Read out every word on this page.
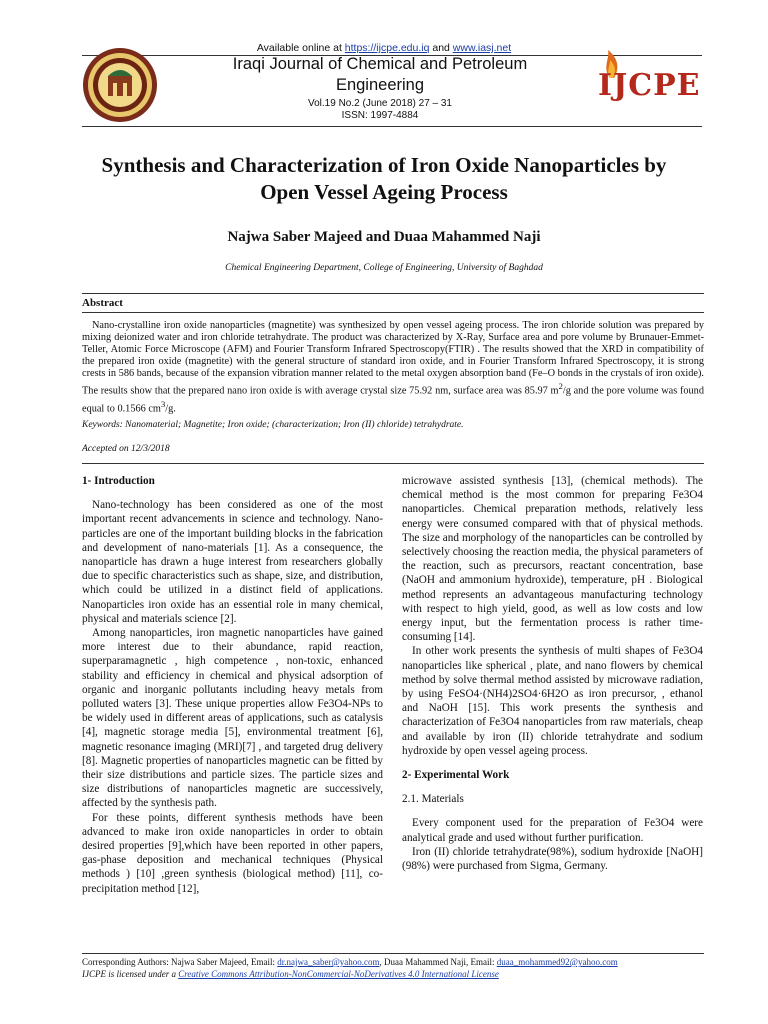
Available online at https://ijcpe.edu.iq and www.iasj.net
Iraqi Journal of Chemical and Petroleum
Engineering
Vol.19 No.2 (June 2018) 27 – 31
ISSN: 1997-4884
IJCPE
Synthesis and Characterization of Iron Oxide Nanoparticles by
Open Vessel Ageing Process
Najwa Saber Majeed and Duaa Mahammed Naji
Chemical Engineering Department, College of Engineering, University of Baghdad
Abstract
Nano-crystalline iron oxide nanoparticles (magnetite) was synthesized by open vessel ageing process. The iron chloride solution was prepared by mixing deionized water and iron chloride tetrahydrate. The product was characterized by X-Ray, Surface area and pore volume by Brunauer-Emmet-Teller, Atomic Force Microscope (AFM) and Fourier Transform Infrared Spectroscopy(FTIR) . The results showed that the XRD in compatibility of the prepared iron oxide (magnetite) with the general structure of standard iron oxide, and in Fourier Transform Infrared Spectroscopy, it is strong crests in 586 bands, because of the expansion vibration manner related to the metal oxygen absorption band (Fe–O bonds in the crystals of iron oxide). The results show that the prepared nano iron oxide is with average crystal size 75.92 nm, surface area was 85.97 $m^2/g$ and the pore volume was found equal to 0.1566 $cm^3/g$.
Keywords: Nanomaterial; Magnetite; Iron oxide; (characterization; Iron (II) chloride) tetrahydrate.
Accepted on 12/3/2018

1- Introduction

Nano-technology has been considered as one of the most important recent advancements in science and technology. Nano-particles are one of the important building blocks in the fabrication and development of nano-materials [1]. As a consequence, the nanoparticle has drawn a huge interest from researchers globally due to specific characteristics such as shape, size, and distribution, which could be utilized in a distinct field of applications. Nanoparticles iron oxide has an essential role in many chemical, physical and materials science [2].

Among nanoparticles, iron magnetic nanoparticles have gained more interest due to their abundance, rapid reaction, superparamagnetic , high competence , non-toxic, enhanced stability and efficiency in chemical and physical adsorption of organic and inorganic pollutants including heavy metals from polluted waters [3]. These unique properties allow Fe3O4-NPs to be widely used in different areas of applications, such as catalysis [4], magnetic storage media [5], environmental treatment [6], magnetic resonance imaging (MRI)[7] , and targeted drug delivery [8]. Magnetic properties of nanoparticles magnetic can be fitted by their size distributions and particle sizes. The particle sizes and size distributions of nanoparticles magnetic are successively, affected by the synthesis path.

For these points, different synthesis methods have been advanced to make iron oxide nanoparticles in order to obtain desired properties [9],which have been reported in other papers, gas-phase deposition and mechanical techniques (Physical methods ) [10] ,green synthesis (biological method) [11], co-precipitation method [12],

microwave assisted synthesis [13], (chemical methods). The chemical method is the most common for preparing Fe3O4 nanoparticles. Chemical preparation methods, relatively less energy were consumed compared with that of physical methods. The size and morphology of the nanoparticles can be controlled by selectively choosing the reaction media, the physical parameters of the reaction, such as precursors, reactant concentration, base (NaOH and ammonium hydroxide), temperature, pH . Biological method represents an advantageous manufacturing technology with respect to high yield, good, as well as low costs and low energy input, but the fermentation process is rather time-consuming [14].

In other work presents the synthesis of multi shapes of Fe3O4 nanoparticles like spherical , plate, and nano flowers by chemical method by solve thermal method assisted by microwave radiation, by using FeSO4·(NH4)2SO4·6H2O as iron precursor, , ethanol and NaOH [15]. This work presents the synthesis and characterization of Fe3O4 nanoparticles from raw materials, cheap and available by iron (II) chloride tetrahydrate and sodium hydroxide by open vessel ageing process.

2- Experimental Work

2.1. Materials

Every component used for the preparation of Fe3O4 were analytical grade and used without further purification.

Iron (II) chloride tetrahydrate(98%), sodium hydroxide [NaOH](98%) were purchased from Sigma, Germany.

Corresponding Authors: Najwa Saber Majeed, Email: dr.najwa_saber@yahoo.com, Duaa Mahammed Naji, Email: duaa_mohammed92@yahoo.com
IJCPE is licensed under a Creative Commons Attribution-NonCommercial-NoDerivatives 4.0 International License
